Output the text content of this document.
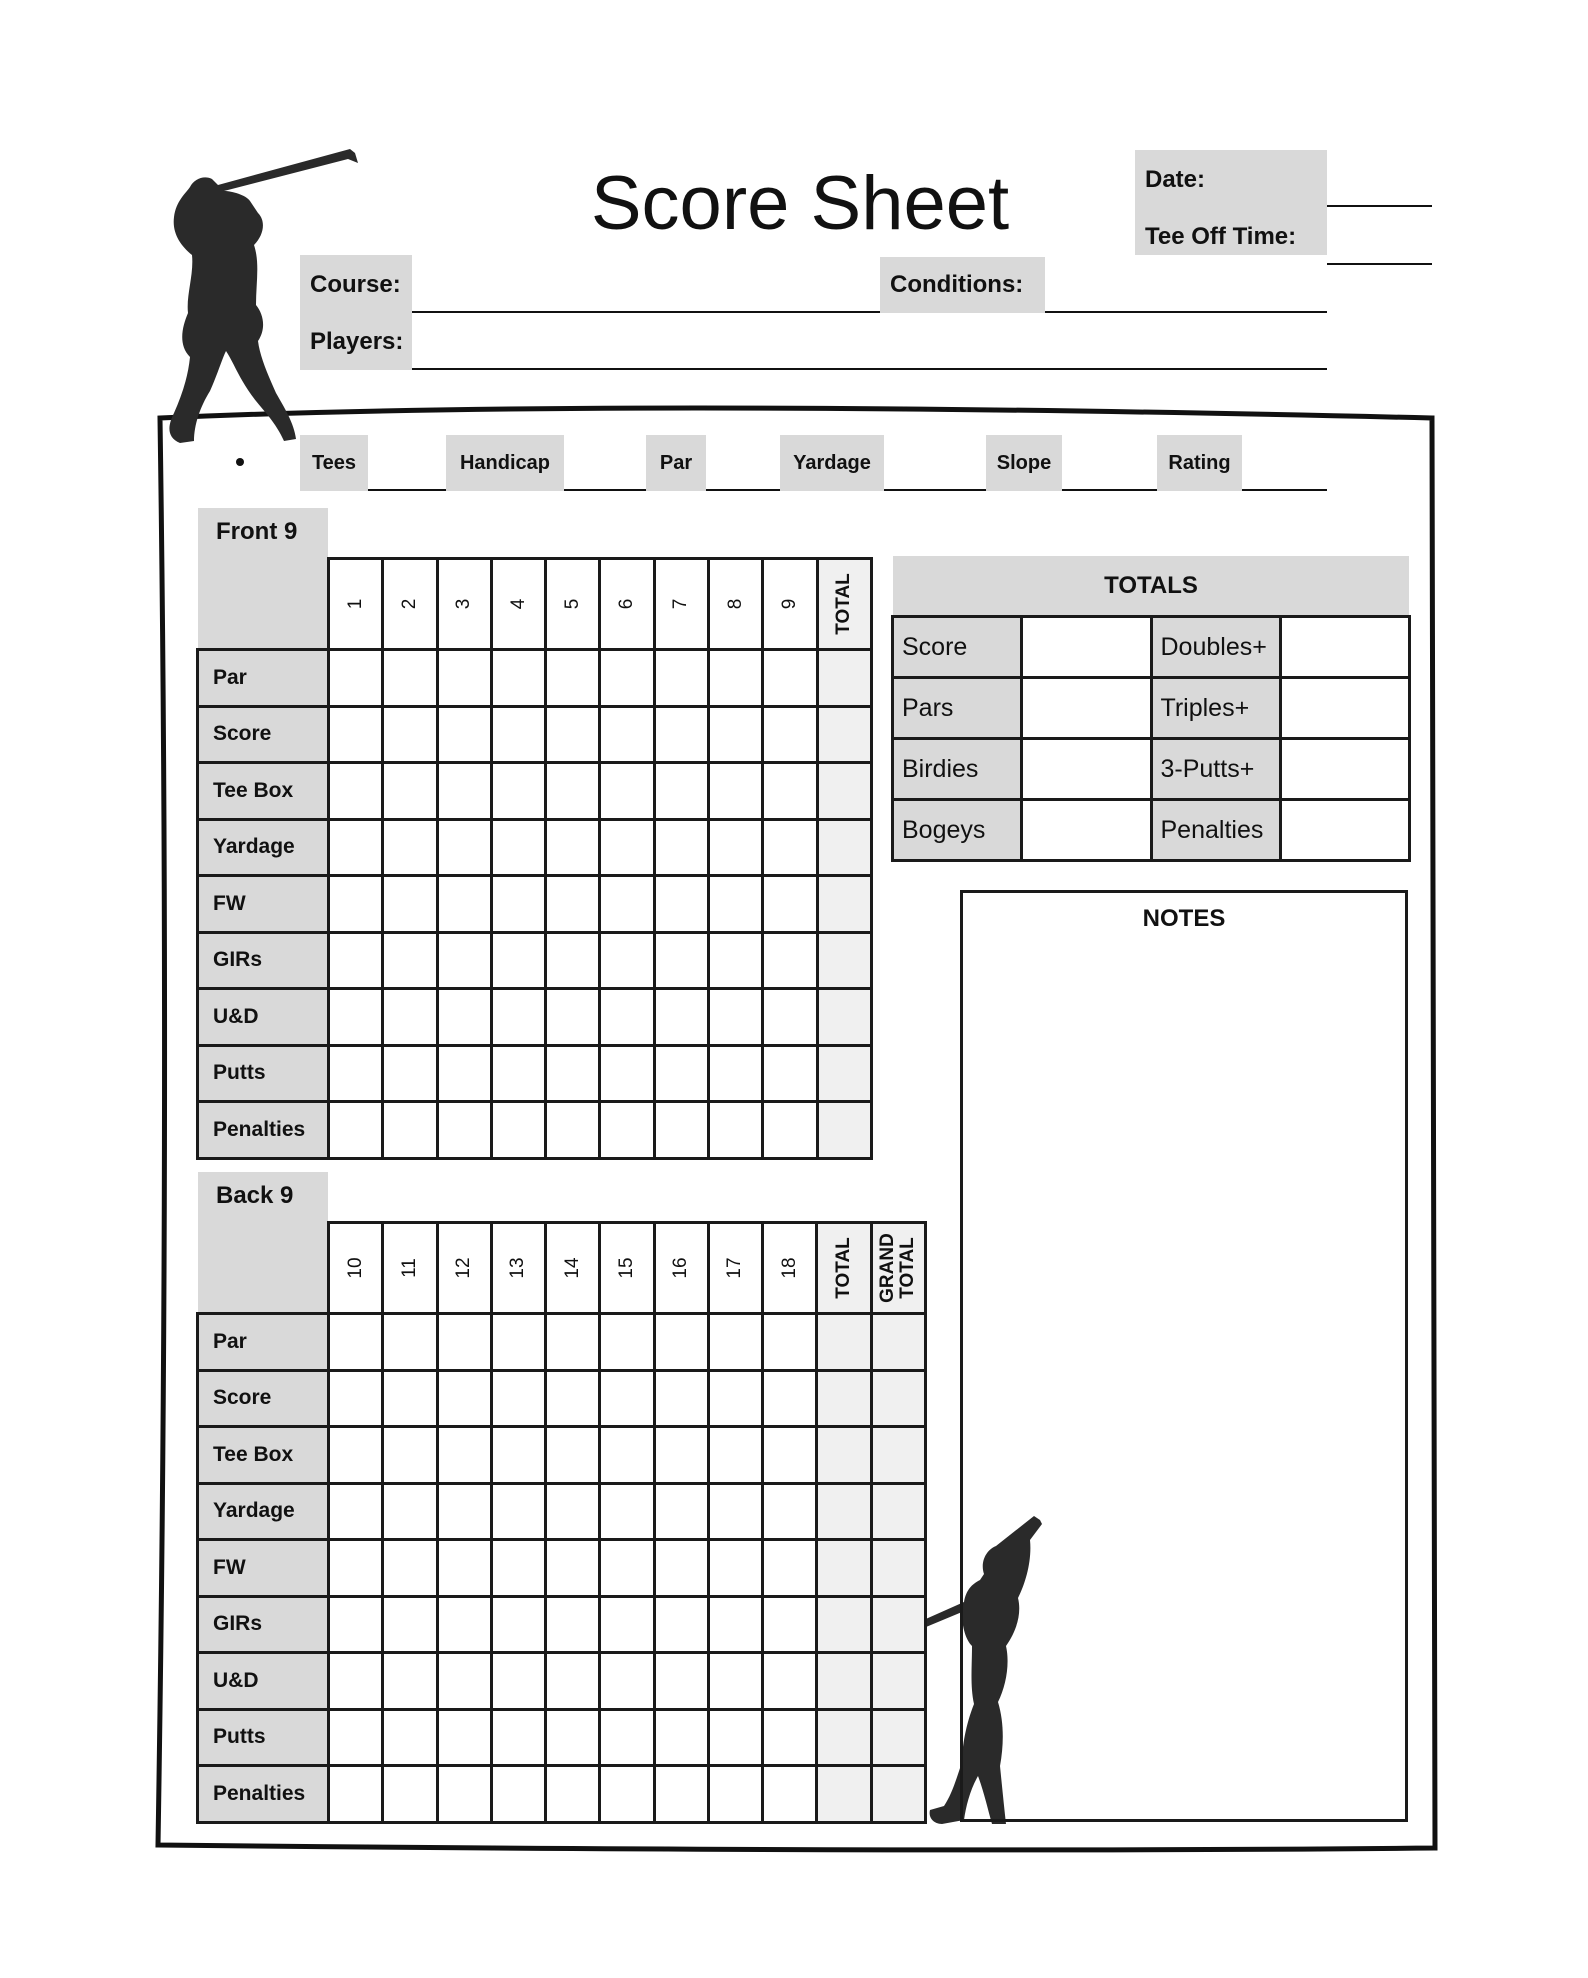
Score Sheet	Date:
Tee Off Time:
Course:
Players:
Conditions:
Tees	Handicap	Par	Yardage	Slope	Rating
Front 9
1	2	3	4	5	6	7	8	9	TOTAL
Par										
Score										
Tee Box										
Yardage										
FW										
GIRs										
U&D										
Putts										
Penalties										
Back 9
10	11	12	13	14	15	16	17	18	TOTAL	GRAND TOTAL
Par											
Score											
Tee Box											
Yardage											
FW											
GIRs											
U&D											
Putts											
Penalties											
TOTALS
Score		Doubles+	
Pars		Triples+	
Birdies		3-Putts+	
Bogeys		Penalties	
NOTES
